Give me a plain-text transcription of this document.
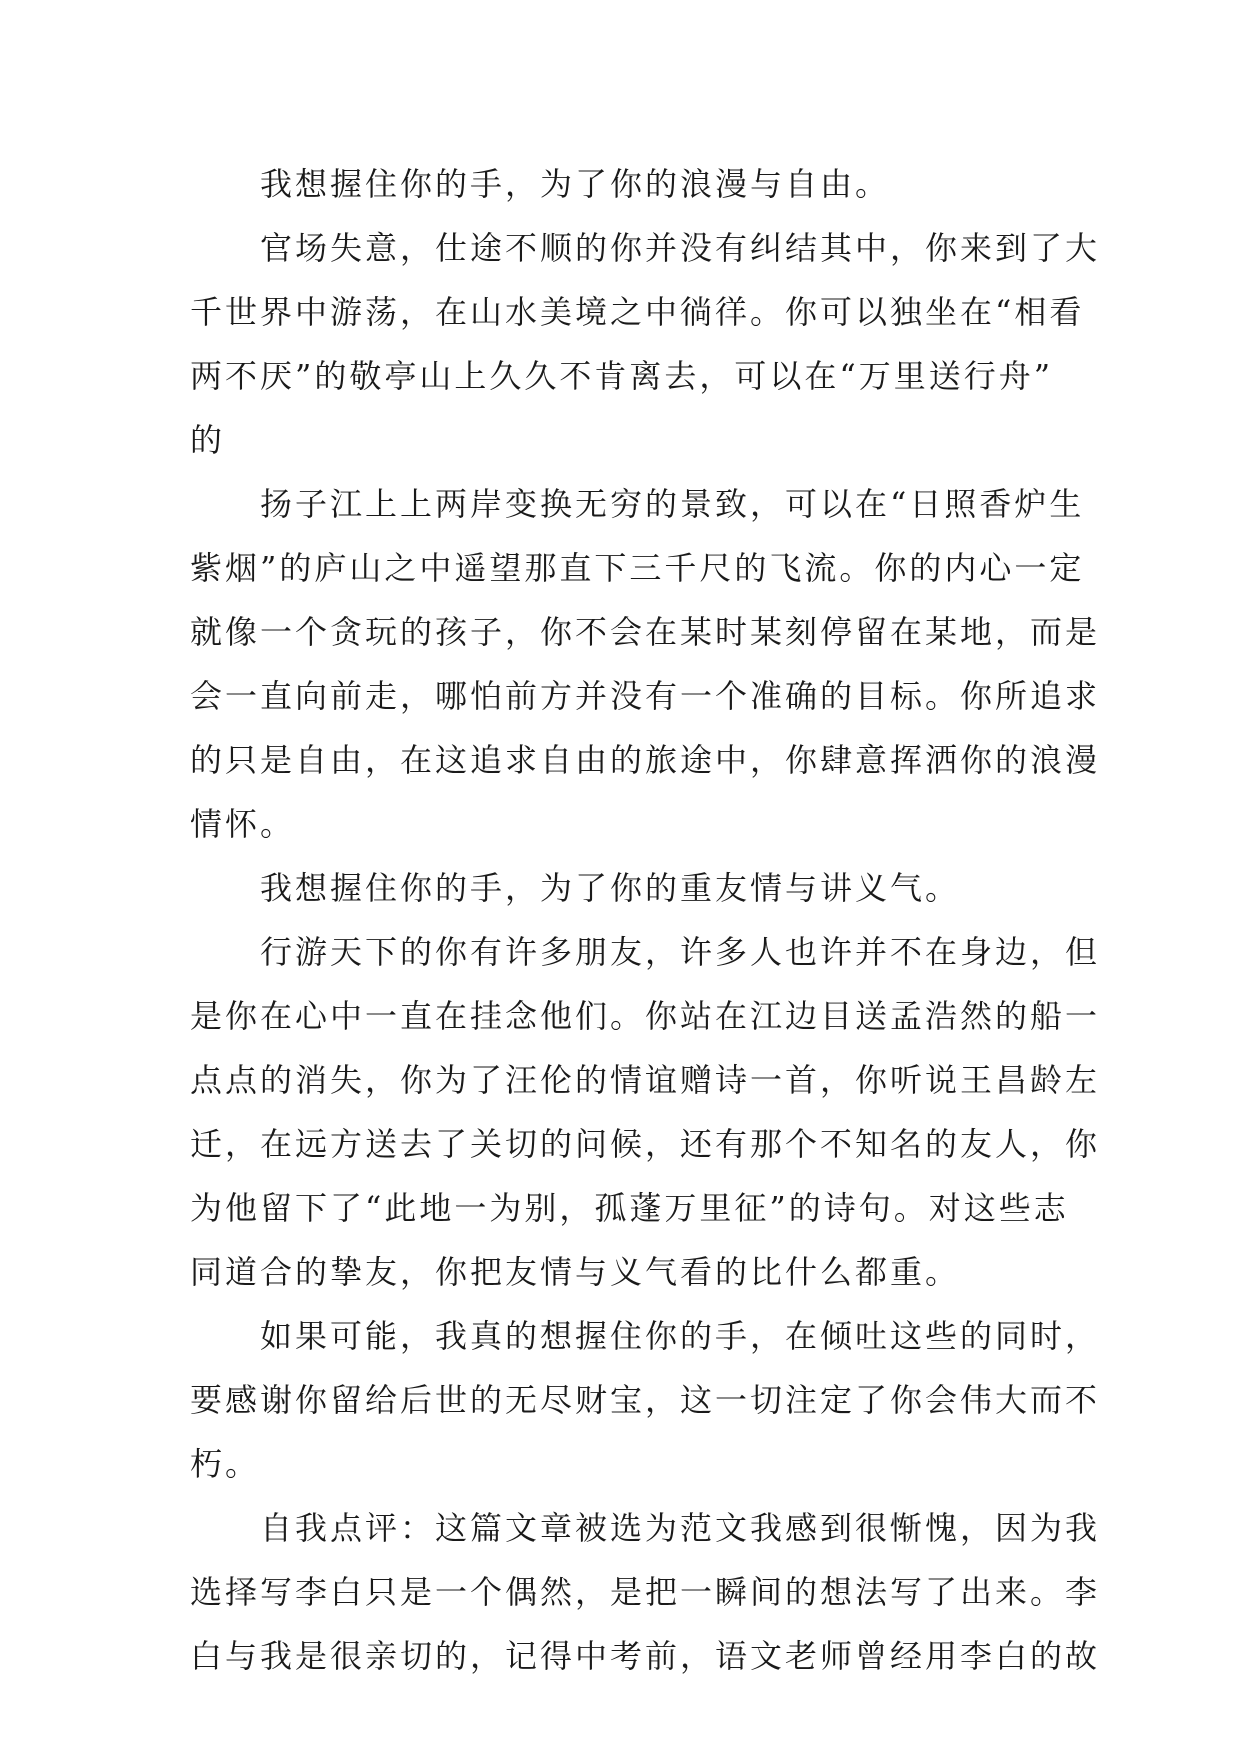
　　我想握住你的手，为了你的浪漫与自由。

　　官场失意，仕途不顺的你并没有纠结其中，你来到了大

千世界中游荡，在山水美境之中徜徉。你可以独坐在“相看

两不厌”的敬亭山上久久不肯离去，可以在“万里送行舟”

的

　　扬子江上上两岸变换无穷的景致，可以在“日照香炉生

紫烟”的庐山之中遥望那直下三千尺的飞流。你的内心一定

就像一个贪玩的孩子，你不会在某时某刻停留在某地，而是

会一直向前走，哪怕前方并没有一个准确的目标。你所追求

的只是自由，在这追求自由的旅途中，你肆意挥洒你的浪漫

情怀。

　　我想握住你的手，为了你的重友情与讲义气。

　　行游天下的你有许多朋友，许多人也许并不在身边，但

是你在心中一直在挂念他们。你站在江边目送孟浩然的船一

点点的消失，你为了汪伦的情谊赠诗一首，你听说王昌龄左

迁，在远方送去了关切的问候，还有那个不知名的友人，你

为他留下了“此地一为别，孤蓬万里征”的诗句。对这些志

同道合的挚友，你把友情与义气看的比什么都重。

　　如果可能，我真的想握住你的手，在倾吐这些的同时，

要感谢你留给后世的无尽财宝，这一切注定了你会伟大而不

朽。

　　自我点评：这篇文章被选为范文我感到很惭愧，因为我

选择写李白只是一个偶然，是把一瞬间的想法写了出来。李

白与我是很亲切的，记得中考前，语文老师曾经用李白的故
